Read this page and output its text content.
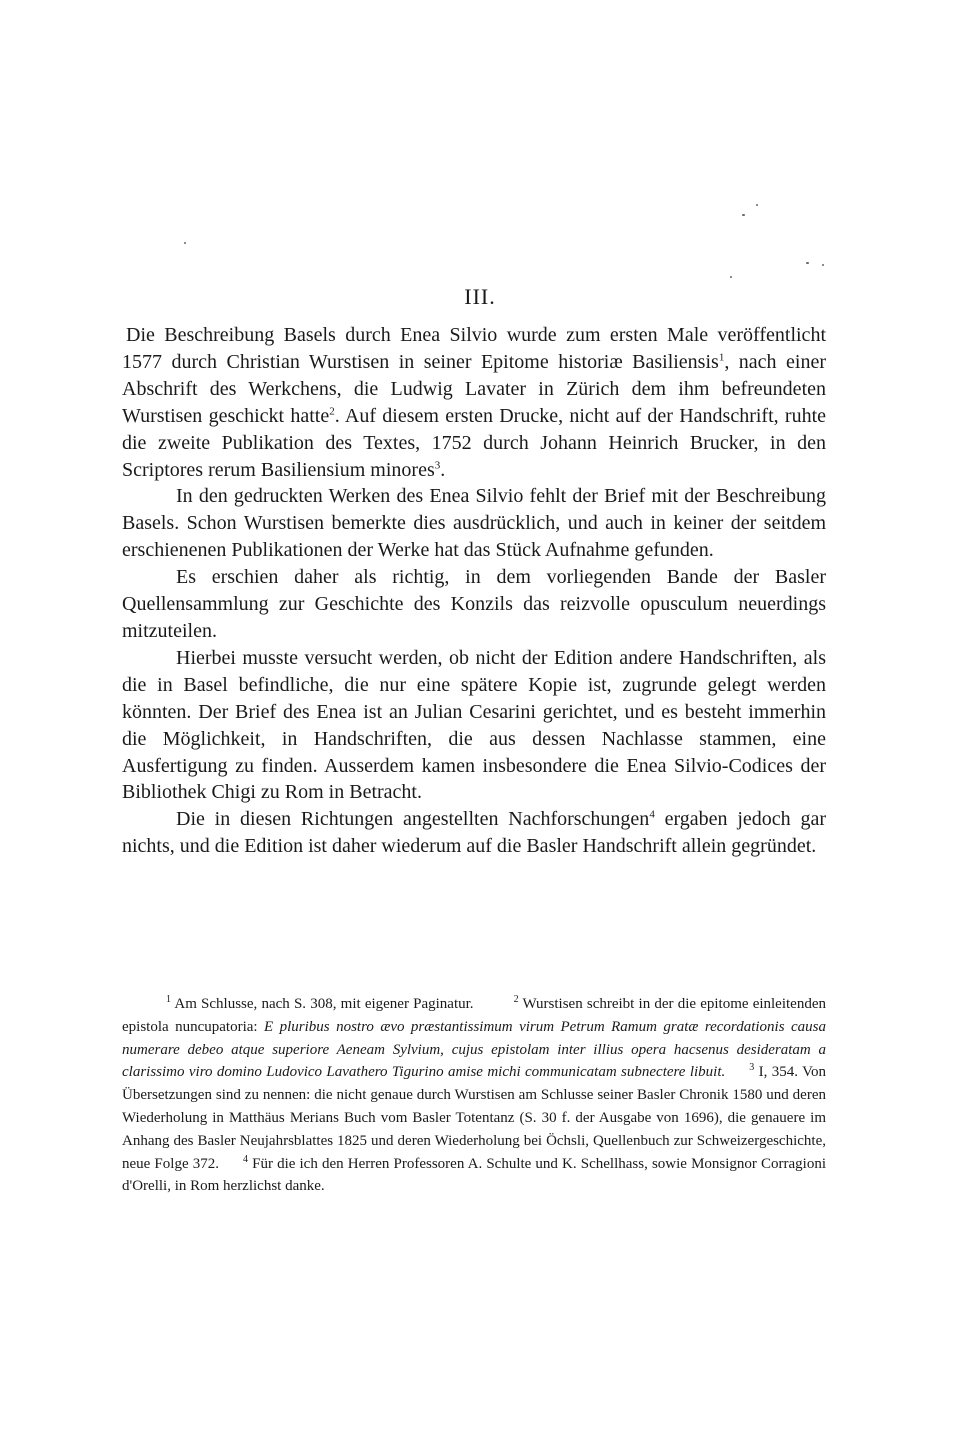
III.

Die Beschreibung Basels durch Enea Silvio wurde zum ersten Male veröffentlicht 1577 durch Christian Wurstisen in seiner Epitome historiæ Basiliensis$^1$, nach einer Abschrift des Werkchens, die Ludwig Lavater in Zürich dem ihm befreundeten Wurstisen geschickt hatte$^2$. Auf diesem ersten Drucke, nicht auf der Handschrift, ruhte die zweite Publikation des Textes, 1752 durch Johann Heinrich Brucker, in den Scriptores rerum Basiliensium minores$^3$.

In den gedruckten Werken des Enea Silvio fehlt der Brief mit der Beschreibung Basels. Schon Wurstisen bemerkte dies ausdrücklich, und auch in keiner der seitdem erschienenen Publikationen der Werke hat das Stück Aufnahme gefunden.

Es erschien daher als richtig, in dem vorliegenden Bande der Basler Quellensammlung zur Geschichte des Konzils das reizvolle opusculum neuerdings mitzuteilen.

Hierbei musste versucht werden, ob nicht der Edition andere Handschriften, als die in Basel befindliche, die nur eine spätere Kopie ist, zugrunde gelegt werden könnten. Der Brief des Enea ist an Julian Cesarini gerichtet, und es besteht immerhin die Möglichkeit, in Handschriften, die aus dessen Nachlasse stammen, eine Ausfertigung zu finden. Ausserdem kamen insbesondere die Enea Silvio-Codices der Bibliothek Chigi zu Rom in Betracht.

Die in diesen Richtungen angestellten Nachforschungen$^4$ ergaben jedoch gar nichts, und die Edition ist daher wiederum auf die Basler Handschrift allein gegründet.

$^1$ Am Schlusse, nach S. 308, mit eigener Paginatur.	$^2$ Wurstisen schreibt in der die epitome einleitenden epistola nuncupatoria: E pluribus nostro ævo præstantissimum virum Petrum Ramum gratæ recordationis causa numerare debeo atque superiore Aeneam Sylvium, cujus epistolam inter illius opera hacsenus desideratam a clarissimo viro domino Ludovico Lavathero Tigurino amise michi communicatam subnectere libuit. $^3$ I, 354. Von Übersetzungen sind zu nennen: die nicht genaue durch Wurstisen am Schlusse seiner Basler Chronik 1580 und deren Wiederholung in Matthäus Merians Buch vom Basler Totentanz (S. 30 f. der Ausgabe von 1696), die genauere im Anhang des Basler Neujahrsblattes 1825 und deren Wiederholung bei Öchsli, Quellenbuch zur Schweizergeschichte, neue Folge 372. $^4$ Für die ich den Herren Professoren A. Schulte und K. Schellhass, sowie Monsignor Corragioni d'Orelli, in Rom herzlichst danke.
